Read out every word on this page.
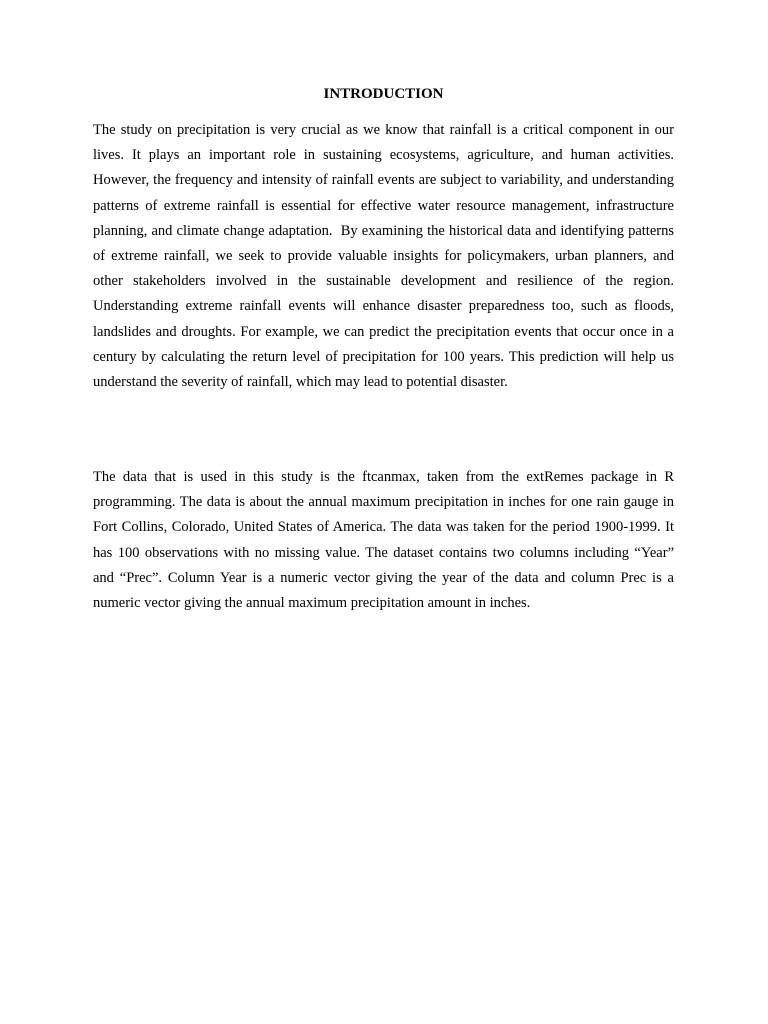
INTRODUCTION

The study on precipitation is very crucial as we know that rainfall is a critical component in our lives. It plays an important role in sustaining ecosystems, agriculture, and human activities. However, the frequency and intensity of rainfall events are subject to variability, and understanding patterns of extreme rainfall is essential for effective water resource management, infrastructure planning, and climate change adaptation.  By examining the historical data and identifying patterns of extreme rainfall, we seek to provide valuable insights for policymakers, urban planners, and other stakeholders involved in the sustainable development and resilience of the region. Understanding extreme rainfall events will enhance disaster preparedness too, such as floods, landslides and droughts. For example, we can predict the precipitation events that occur once in a century by calculating the return level of precipitation for 100 years. This prediction will help us understand the severity of rainfall, which may lead to potential disaster.

The data that is used in this study is the ftcanmax, taken from the extRemes package in R programming. The data is about the annual maximum precipitation in inches for one rain gauge in Fort Collins, Colorado, United States of America. The data was taken for the period 1900-1999. It has 100 observations with no missing value. The dataset contains two columns including “Year” and “Prec”. Column Year is a numeric vector giving the year of the data and column Prec is a numeric vector giving the annual maximum precipitation amount in inches.
